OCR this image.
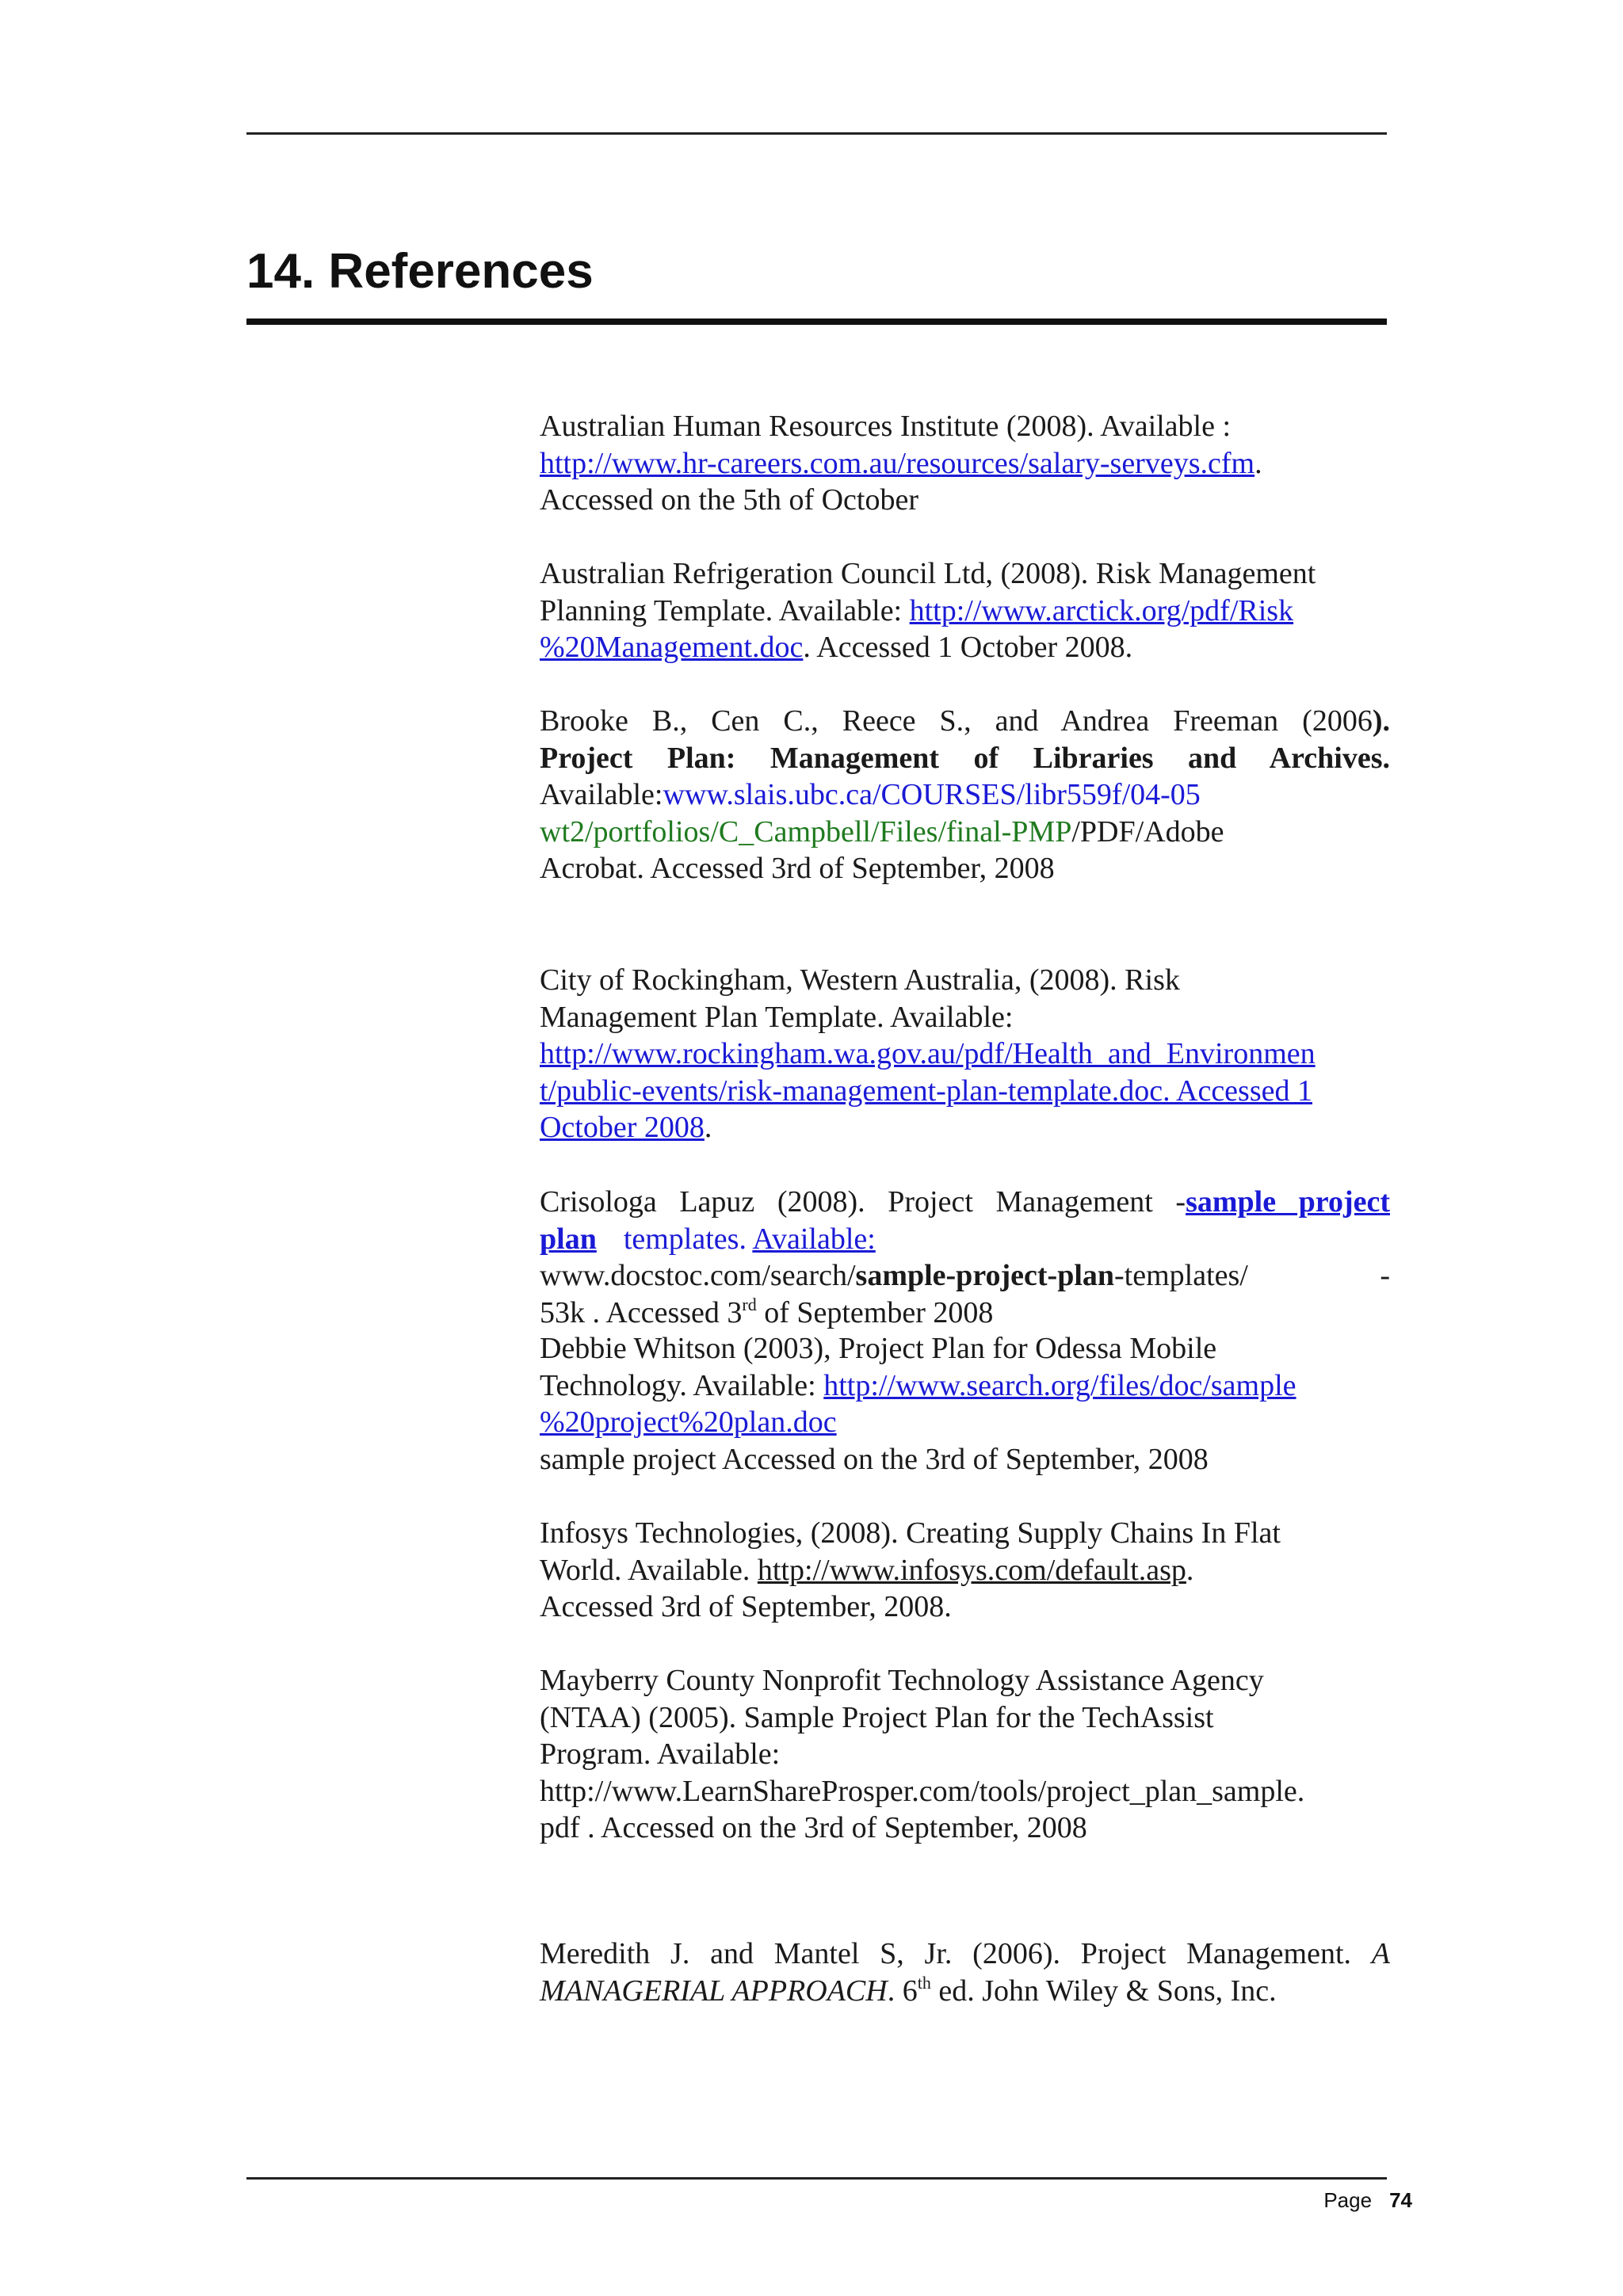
14. References
Australian Human Resources Institute (2008). Available :
http://www.hr-careers.com.au/resources/salary-serveys.cfm.
Accessed on the 5th of October
Australian Refrigeration Council Ltd, (2008). Risk Management
Planning Template. Available: http://www.arctick.org/pdf/Risk
%20Management.doc. Accessed 1 October 2008.
Brooke B., Cen C., Reece S., and Andrea Freeman (2006).
Project Plan: Management of Libraries and Archives.
Available:www.slais.ubc.ca/COURSES/libr559f/04-05
wt2/portfolios/C_Campbell/Files/final-PMP/PDF/Adobe
Acrobat. Accessed 3rd of September, 2008
City of Rockingham, Western Australia, (2008). Risk
Management Plan Template. Available:
http://www.rockingham.wa.gov.au/pdf/Health_and_Environmen
t/public-events/risk-management-plan-template.doc. Accessed 1
October 2008.
Crisologa Lapuz (2008). Project Management -sample project
plan templates. Available:
www.docstoc.com/search/sample-project-plan-templates/	-
53k . Accessed 3rd of September 2008
Debbie Whitson (2003), Project Plan for Odessa Mobile
Technology. Available: http://www.search.org/files/doc/sample
%20project%20plan.doc
sample project Accessed on the 3rd of September, 2008
Infosys Technologies, (2008). Creating Supply Chains In Flat
World. Available. http://www.infosys.com/default.asp.
Accessed 3rd of September, 2008.
Mayberry County Nonprofit Technology Assistance Agency
(NTAA) (2005). Sample Project Plan for the TechAssist
Program. Available:
http://www.LearnShareProsper.com/tools/project_plan_sample.
pdf . Accessed on the 3rd of September, 2008
Meredith J. and Mantel S, Jr. (2006). Project Management. A
MANAGERIAL APPROACH. 6th ed. John Wiley & Sons, Inc.
Page 74
